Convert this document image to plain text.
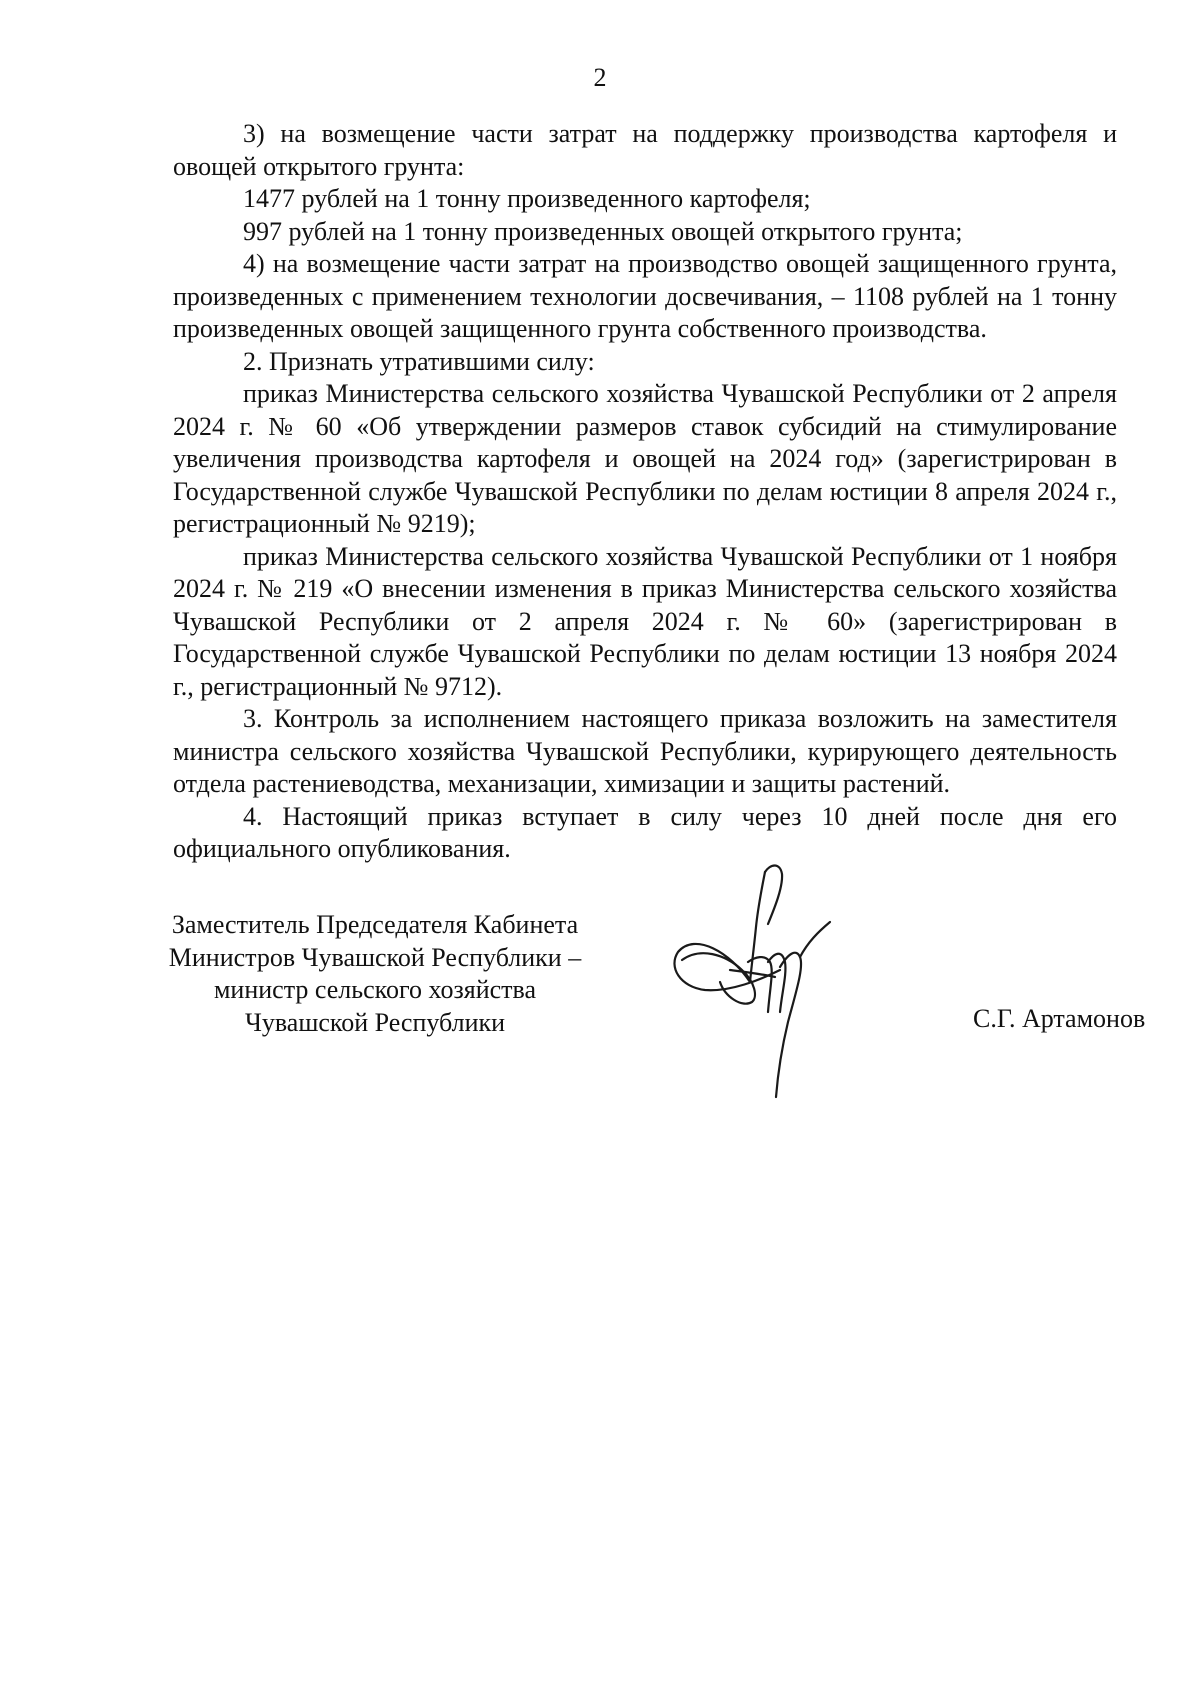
2

3) на возмещение части затрат на поддержку производства картофеля и овощей открытого грунта:

1477 рублей на 1 тонну произведенного картофеля;

997 рублей на 1 тонну произведенных овощей открытого грунта;

4) на возмещение части затрат на производство овощей защищенного грунта, произведенных с применением технологии досвечивания, – 1108 рублей на 1 тонну произведенных овощей защищенного грунта собственного производства.

2. Признать утратившими силу:

приказ Министерства сельского хозяйства Чувашской Республики от 2 апреля 2024 г. № 60 «Об утверждении размеров ставок субсидий на стимулирование увеличения производства картофеля и овощей на 2024 год» (зарегистрирован в Государственной службе Чувашской Республики по делам юстиции 8 апреля 2024 г., регистрационный № 9219);

приказ Министерства сельского хозяйства Чувашской Республики от 1 ноября 2024 г. № 219 «О внесении изменения в приказ Министерства сельского хозяйства Чувашской Республики от 2 апреля 2024 г. № 60» (зарегистрирован в Государственной службе Чувашской Республики по делам юстиции 13 ноября 2024 г., регистрационный № 9712).

3. Контроль за исполнением настоящего приказа возложить на заместителя министра сельского хозяйства Чувашской Республики, курирующего деятельность отдела растениеводства, механизации, химизации и защиты растений.

4. Настоящий приказ вступает в силу через 10 дней после дня его официального опубликования.

Заместитель Председателя Кабинета
Министров Чувашской Республики –
министр сельского хозяйства
Чувашской Республики	С.Г. Артамонов
